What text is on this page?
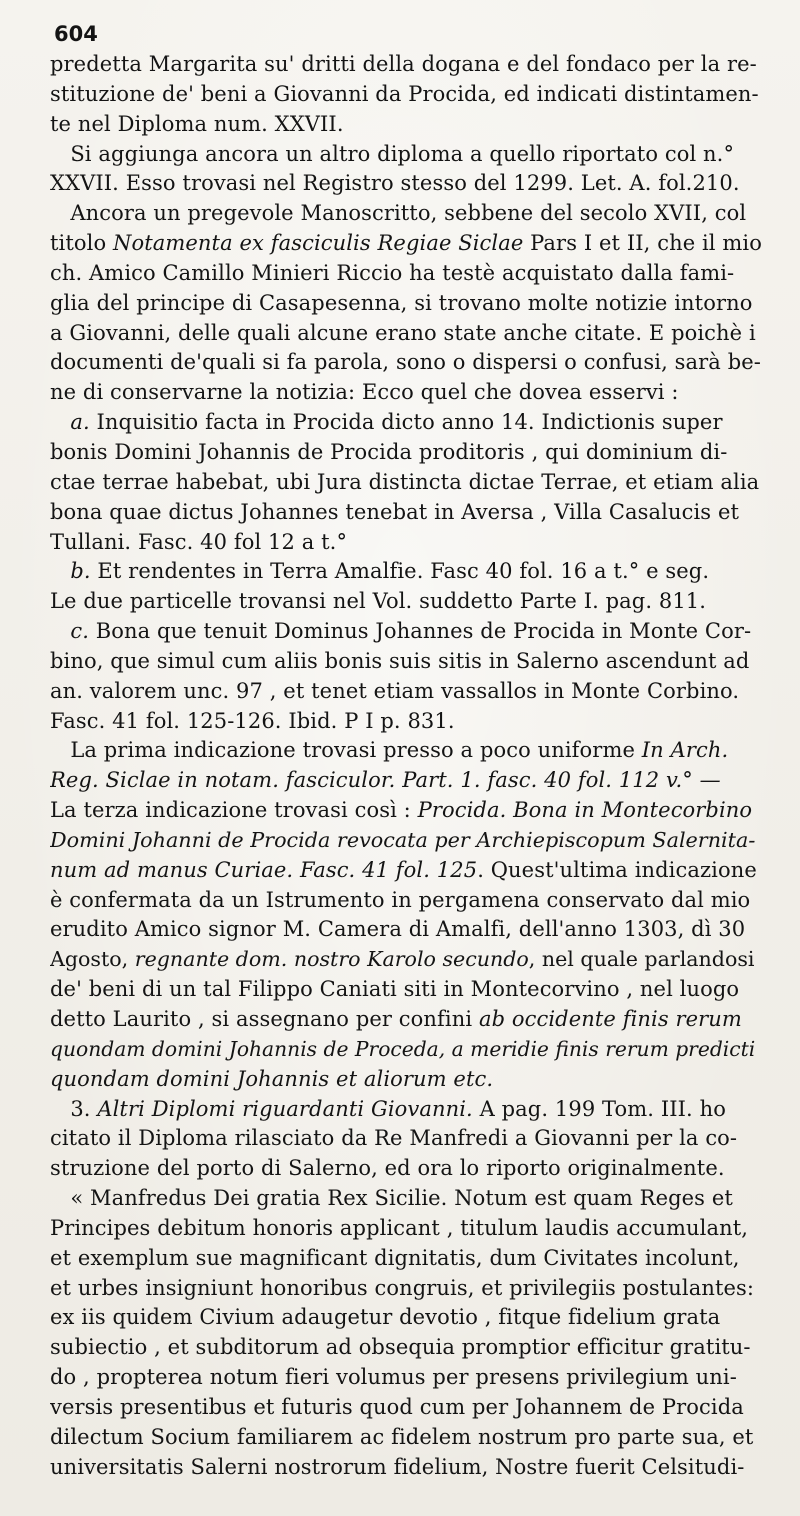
604
predetta Margarita su' dritti della dogana e del fondaco per la re-
stituzione de' beni a Giovanni da Procida, ed indicati distintamen-
te nel Diploma num. XXVII.
Si aggiunga ancora un altro diploma a quello riportato col n.°
XXVII. Esso trovasi nel Registro stesso del 1299. Let. A. fol.210.
Ancora un pregevole Manoscritto, sebbene del secolo XVII, col
titolo Notamenta ex fasciculis Regiae Siclae Pars I et II, che il mio
ch. Amico Camillo Minieri Riccio ha testè acquistato dalla fami-
glia del principe di Casapesenna, si trovano molte notizie intorno
a Giovanni, delle quali alcune erano state anche citate. E poichè i
documenti de'quali si fa parola, sono o dispersi o confusi, sarà be-
ne di conservarne la notizia: Ecco quel che dovea esservi :
a. Inquisitio facta in Procida dicto anno 14. Indictionis super
bonis Domini Johannis de Procida proditoris , qui dominium di-
ctae terrae habebat, ubi Jura distincta dictae Terrae, et etiam alia
bona quae dictus Johannes tenebat in Aversa , Villa Casalucis et
Tullani. Fasc. 40 fol 12 a t.°
b. Et rendentes in Terra Amalfie. Fasc 40 fol. 16 a t.° e seg.
Le due particelle trovansi nel Vol. suddetto Parte I. pag. 811.
c. Bona que tenuit Dominus Johannes de Procida in Monte Cor-
bino, que simul cum aliis bonis suis sitis in Salerno ascendunt ad
an. valorem unc. 97 , et tenet etiam vassallos in Monte Corbino.
Fasc. 41 fol. 125-126. Ibid. P I p. 831.
La prima indicazione trovasi presso a poco uniforme In Arch.
Reg. Siclae in notam. fasciculor. Part. 1. fasc. 40 fol. 112 v.° —
La terza indicazione trovasi così : Procida. Bona in Montecorbino
Domini Johanni de Procida revocata per Archiepiscopum Salernita-
num ad manus Curiae. Fasc. 41 fol. 125. Quest'ultima indicazione
è confermata da un Istrumento in pergamena conservato dal mio
erudito Amico signor M. Camera di Amalfi, dell'anno 1303, dì 30
Agosto, regnante dom. nostro Karolo secundo, nel quale parlandosi
de' beni di un tal Filippo Caniati siti in Montecorvino , nel luogo
detto Laurito , si assegnano per confini ab occidente finis rerum
quondam domini Johannis de Proceda, a meridie finis rerum predicti
quondam domini Johannis et aliorum etc.
3. Altri Diplomi riguardanti Giovanni. A pag. 199 Tom. III. ho
citato il Diploma rilasciato da Re Manfredi a Giovanni per la co-
struzione del porto di Salerno, ed ora lo riporto originalmente.
« Manfredus Dei gratia Rex Sicilie. Notum est quam Reges et
Principes debitum honoris applicant , titulum laudis accumulant,
et exemplum sue magnificant dignitatis, dum Civitates incolunt,
et urbes insigniunt honoribus congruis, et privilegiis postulantes:
ex iis quidem Civium adaugetur devotio , fitque fidelium grata
subiectio , et subditorum ad obsequia promptior efficitur gratitu-
do , propterea notum fieri volumus per presens privilegium uni-
versis presentibus et futuris quod cum per Johannem de Procida
dilectum Socium familiarem ac fidelem nostrum pro parte sua, et
universitatis Salerni nostrorum fidelium, Nostre fuerit Celsitudi-
